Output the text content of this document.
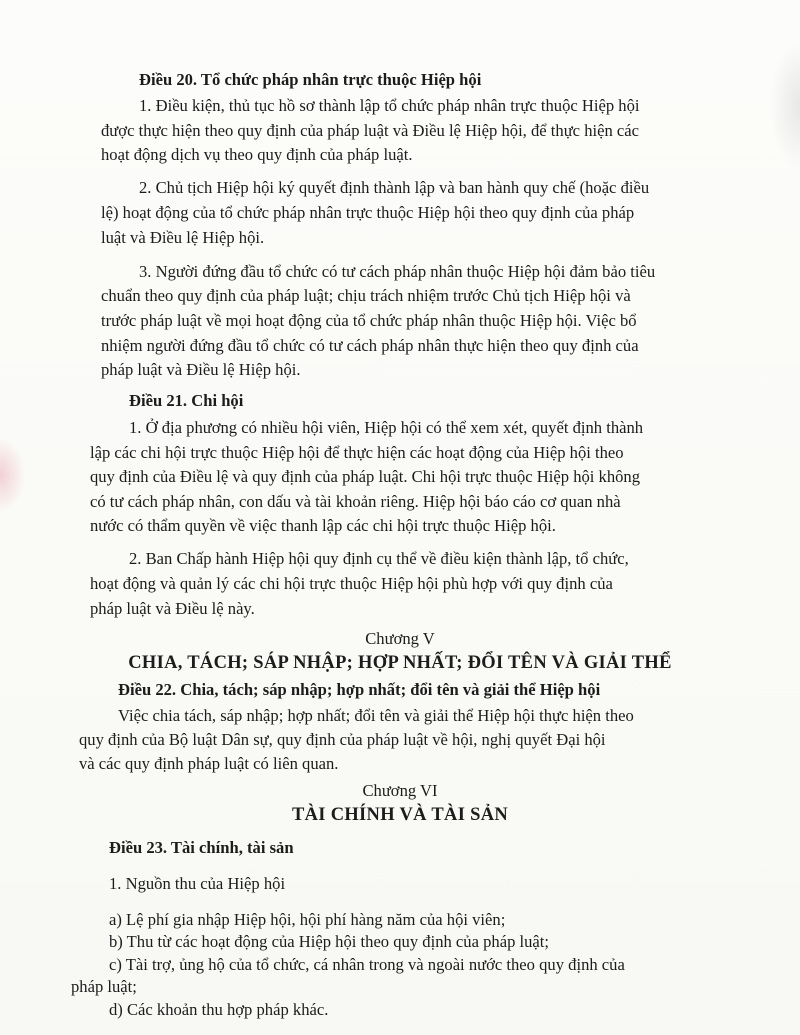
Điều 20. Tổ chức pháp nhân trực thuộc Hiệp hội
1. Điều kiện, thủ tục hồ sơ thành lập tổ chức pháp nhân trực thuộc Hiệp hội
được thực hiện theo quy định của pháp luật và Điều lệ Hiệp hội, để thực hiện các
hoạt động dịch vụ theo quy định của pháp luật.
2. Chủ tịch Hiệp hội ký quyết định thành lập và ban hành quy chế (hoặc điều
lệ) hoạt động của tổ chức pháp nhân trực thuộc Hiệp hội theo quy định của pháp
luật và Điều lệ Hiệp hội.
3. Người đứng đầu tổ chức có tư cách pháp nhân thuộc Hiệp hội đảm bảo tiêu
chuẩn theo quy định của pháp luật; chịu trách nhiệm trước Chủ tịch Hiệp hội và
trước pháp luật về mọi hoạt động của tổ chức pháp nhân thuộc Hiệp hội. Việc bổ
nhiệm người đứng đầu tổ chức có tư cách pháp nhân thực hiện theo quy định của
pháp luật và Điều lệ Hiệp hội.
Điều 21. Chi hội
1. Ở địa phương có nhiều hội viên, Hiệp hội có thể xem xét, quyết định thành
lập các chi hội trực thuộc Hiệp hội để thực hiện các hoạt động của Hiệp hội theo
quy định của Điều lệ và quy định của pháp luật. Chi hội trực thuộc Hiệp hội không
có tư cách pháp nhân, con dấu và tài khoản riêng. Hiệp hội báo cáo cơ quan nhà
nước có thẩm quyền về việc thanh lập các chi hội trực thuộc Hiệp hội.
2. Ban Chấp hành Hiệp hội quy định cụ thể về điều kiện thành lập, tổ chức,
hoạt động và quản lý các chi hội trực thuộc Hiệp hội phù hợp với quy định của
pháp luật và Điều lệ này.
Chương V
CHIA, TÁCH; SÁP NHẬP; HỢP NHẤT; ĐỔI TÊN VÀ GIẢI THỂ
Điều 22. Chia, tách; sáp nhập; hợp nhất; đổi tên và giải thể Hiệp hội
Việc chia tách, sáp nhập; hợp nhất; đổi tên và giải thể Hiệp hội thực hiện theo
quy định của Bộ luật Dân sự, quy định của pháp luật về hội, nghị quyết Đại hội
và các quy định pháp luật có liên quan.
Chương VI
TÀI CHÍNH VÀ TÀI SẢN
Điều 23. Tài chính, tài sản
1. Nguồn thu của Hiệp hội
a) Lệ phí gia nhập Hiệp hội, hội phí hàng năm của hội viên;
b) Thu từ các hoạt động của Hiệp hội theo quy định của pháp luật;
c) Tài trợ, ủng hộ của tổ chức, cá nhân trong và ngoài nước theo quy định của
pháp luật;
d) Các khoản thu hợp pháp khác.
